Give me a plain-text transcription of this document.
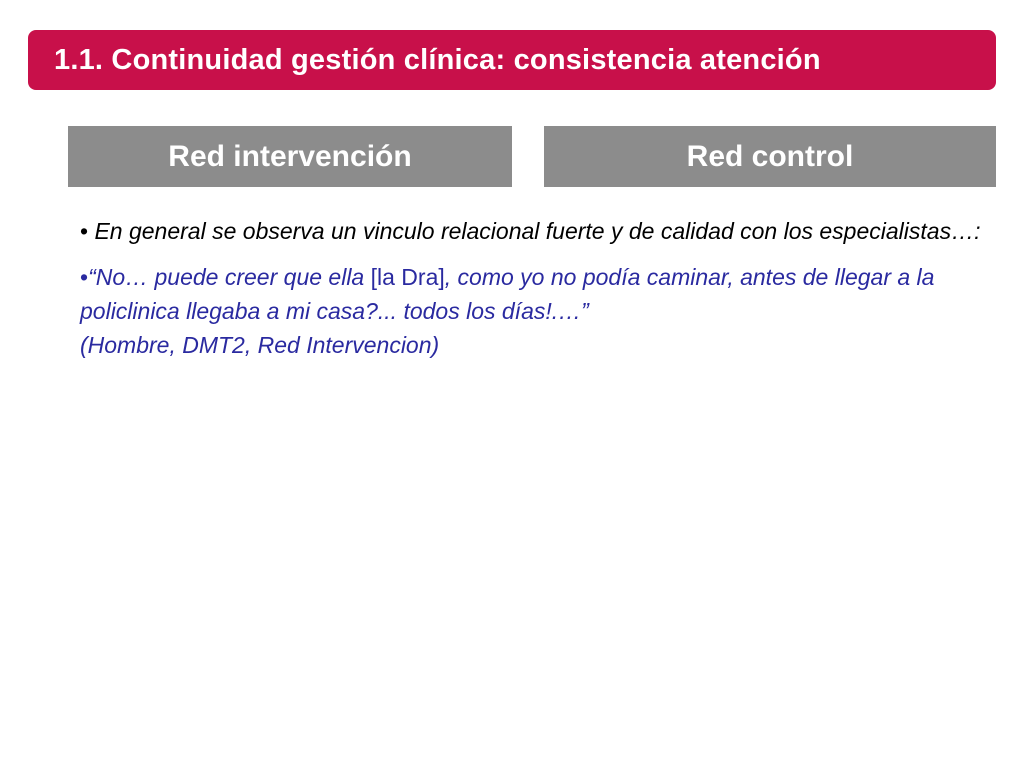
1.1. Continuidad gestión clínica: consistencia atención
Red intervención	Red control

• En general se observa un vinculo relacional fuerte y de calidad con los especialistas…:

•“No… puede creer que ella [la Dra], como yo no podía caminar, antes de llegar a la policlinica llegaba a mi casa?... todos los días!.…”
(Hombre, DMT2, Red Intervencion)
